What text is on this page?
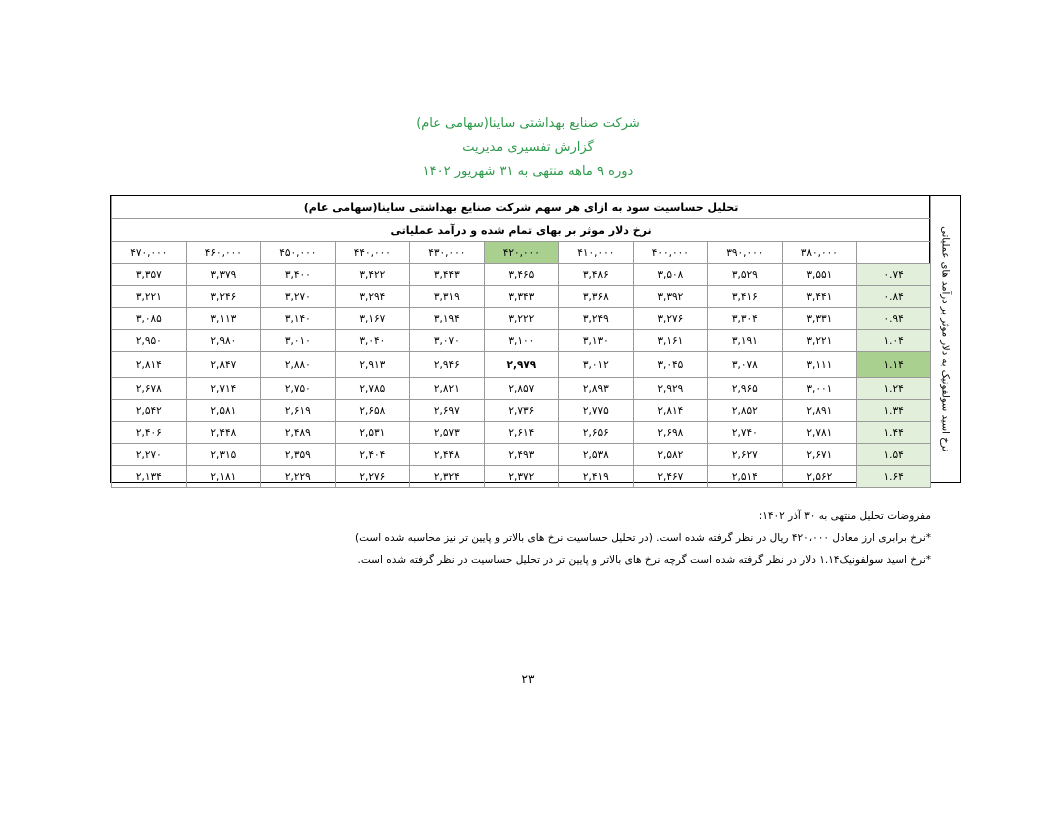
شرکت صنایع بهداشتی ساینا(سهامی عام)
گزارش تفسیری مدیریت
دوره ۹ ماهه منتهی به ۳۱ شهریور ۱۴۰۲
نرخ اسید سولفونیک به دلار موثر بر درآمد های عملیاتی
تحلیل حساسیت سود به ازای هر سهم شرکت صنایع بهداشتی ساینا(سهامی عام)										
نرخ دلار موثر بر بهای تمام شده و درآمد عملیاتی										
	۳۸۰,۰۰۰	۳۹۰,۰۰۰	۴۰۰,۰۰۰	۴۱۰,۰۰۰	۴۲۰,۰۰۰	۴۳۰,۰۰۰	۴۴۰,۰۰۰	۴۵۰,۰۰۰	۴۶۰,۰۰۰	۴۷۰,۰۰۰
۰.۷۴	۳,۵۵۱	۳,۵۲۹	۳,۵۰۸	۳,۴۸۶	۳,۴۶۵	۳,۴۴۳	۳,۴۲۲	۳,۴۰۰	۳,۳۷۹	۳,۳۵۷
۰.۸۴	۳,۴۴۱	۳,۴۱۶	۳,۳۹۲	۳,۳۶۸	۳,۳۴۳	۳,۳۱۹	۳,۲۹۴	۳,۲۷۰	۳,۲۴۶	۳,۲۲۱
۰.۹۴	۳,۳۳۱	۳,۳۰۴	۳,۲۷۶	۳,۲۴۹	۳,۲۲۲	۳,۱۹۴	۳,۱۶۷	۳,۱۴۰	۳,۱۱۳	۳,۰۸۵
۱.۰۴	۳,۲۲۱	۳,۱۹۱	۳,۱۶۱	۳,۱۳۰	۳,۱۰۰	۳,۰۷۰	۳,۰۴۰	۳,۰۱۰	۲,۹۸۰	۲,۹۵۰
۱.۱۴	۳,۱۱۱	۳,۰۷۸	۳,۰۴۵	۳,۰۱۲	۲,۹۷۹	۲,۹۴۶	۲,۹۱۳	۲,۸۸۰	۲,۸۴۷	۲,۸۱۴
۱.۲۴	۳,۰۰۱	۲,۹۶۵	۲,۹۲۹	۲,۸۹۳	۲,۸۵۷	۲,۸۲۱	۲,۷۸۵	۲,۷۵۰	۲,۷۱۴	۲,۶۷۸
۱.۳۴	۲,۸۹۱	۲,۸۵۲	۲,۸۱۴	۲,۷۷۵	۲,۷۳۶	۲,۶۹۷	۲,۶۵۸	۲,۶۱۹	۲,۵۸۱	۲,۵۴۲
۱.۴۴	۲,۷۸۱	۲,۷۴۰	۲,۶۹۸	۲,۶۵۶	۲,۶۱۴	۲,۵۷۳	۲,۵۳۱	۲,۴۸۹	۲,۴۴۸	۲,۴۰۶
۱.۵۴	۲,۶۷۱	۲,۶۲۷	۲,۵۸۲	۲,۵۳۸	۲,۴۹۳	۲,۴۴۸	۲,۴۰۴	۲,۳۵۹	۲,۳۱۵	۲,۲۷۰
۱.۶۴	۲,۵۶۲	۲,۵۱۴	۲,۴۶۷	۲,۴۱۹	۲,۳۷۲	۲,۳۲۴	۲,۲۷۶	۲,۲۲۹	۲,۱۸۱	۲,۱۳۴
مفروضات تحلیل منتهی به ۳۰ آذر ۱۴۰۲:
*نرخ برابری ارز معادل ۴۲۰،۰۰۰ ریال در نظر گرفته شده است. (در تحلیل حساسیت نرخ های بالاتر و پایین تر نیز محاسبه شده است)
*نرخ اسید سولفونیک۱.۱۴ دلار در نظر گرفته شده است گرچه نرخ های بالاتر و پایین تر در تحلیل حساسیت در نظر گرفته شده است.
۲۳
